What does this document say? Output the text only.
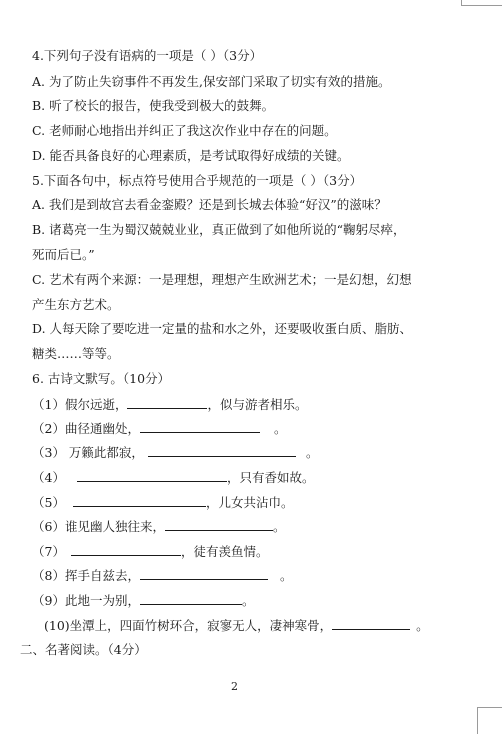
4.下列句子没有语病的一项是（ ）（3分）
A. 为了防止失窃事件不再发生,保安部门采取了切实有效的措施。
B. 听了校长的报告，使我受到极大的鼓舞。
C. 老师耐心地指出并纠正了我这次作业中存在的问题。
D. 能否具备良好的心理素质，是考试取得好成绩的关键。
5.下面各句中，标点符号使用合乎规范的一项是（ ）（3分）
A. 我们是到故宫去看金銮殿？还是到长城去体验“好汉”的滋味？
B. 诸葛亮一生为蜀汉兢兢业业，真正做到了如他所说的“鞠躬尽瘁，
死而后已。”
C. 艺术有两个来源：一是理想，理想产生欧洲艺术；一是幻想，幻想
产生东方艺术。
D. 人每天除了要吃进一定量的盐和水之外，还要吸收蛋白质、脂肪、
糖类……等等。
6. 古诗文默写。（10分）
（1）假尔远逝，	，似与游者相乐。
（2）曲径通幽处，	。
（3） 万籁此都寂，	。
（4）	，只有香如故。
（5）	，儿女共沾巾。
（6）谁见幽人独往来，	。
（7）	，徒有羡鱼情。
（8）挥手自兹去，	。
（9）此地一为别，	。
(10)坐潭上，四面竹树环合，寂寥无人，凄神寒骨，	。
二、名著阅读。（4分）
2
